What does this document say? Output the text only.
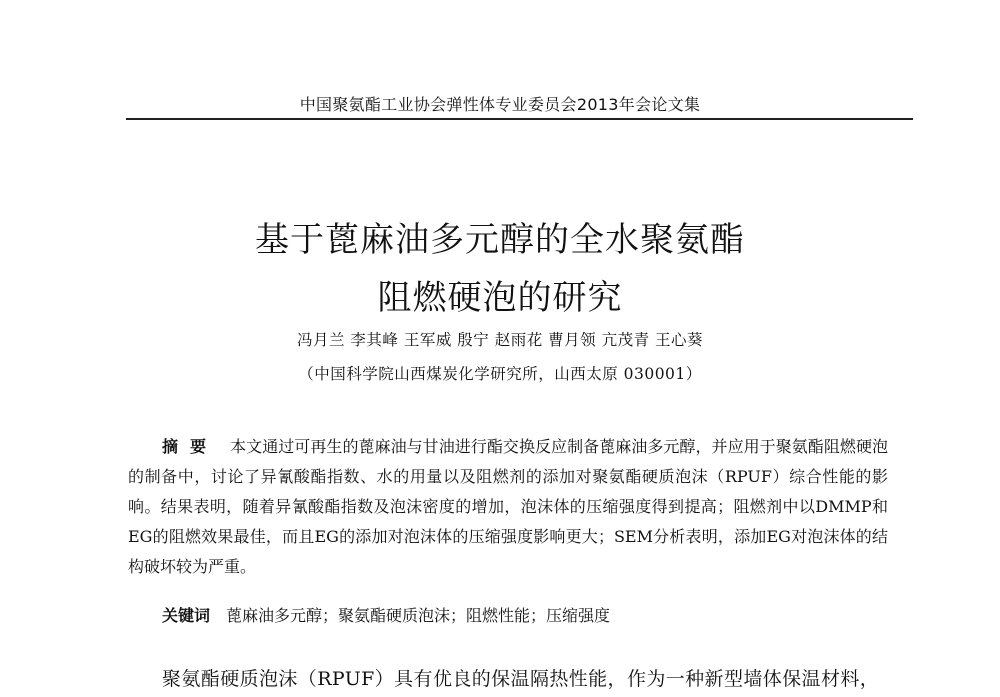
中国聚氨酯工业协会弹性体专业委员会2013年会论文集
基于蓖麻油多元醇的全水聚氨酯
阻燃硬泡的研究
冯月兰 李其峰 王军威 殷宁 赵雨花 曹月领 亢茂青 王心葵
（中国科学院山西煤炭化学研究所，山西太原 030001）
摘要 本文通过可再生的蓖麻油与甘油进行酯交换反应制备蓖麻油多元醇，并应用于聚氨酯阻燃硬泡的制备中，讨论了异氰酸酯指数、水的用量以及阻燃剂的添加对聚氨酯硬质泡沫（RPUF）综合性能的影响。结果表明，随着异氰酸酯指数及泡沫密度的增加，泡沫体的压缩强度得到提高；阻燃剂中以DMMP和EG的阻燃效果最佳，而且EG的添加对泡沫体的压缩强度影响更大；SEM分析表明，添加EG对泡沫体的结构破坏较为严重。
关键词 蓖麻油多元醇；聚氨酯硬质泡沫；阻燃性能；压缩强度
聚氨酯硬质泡沫（RPUF）具有优良的保温隔热性能，作为一种新型墙体保温材料，
